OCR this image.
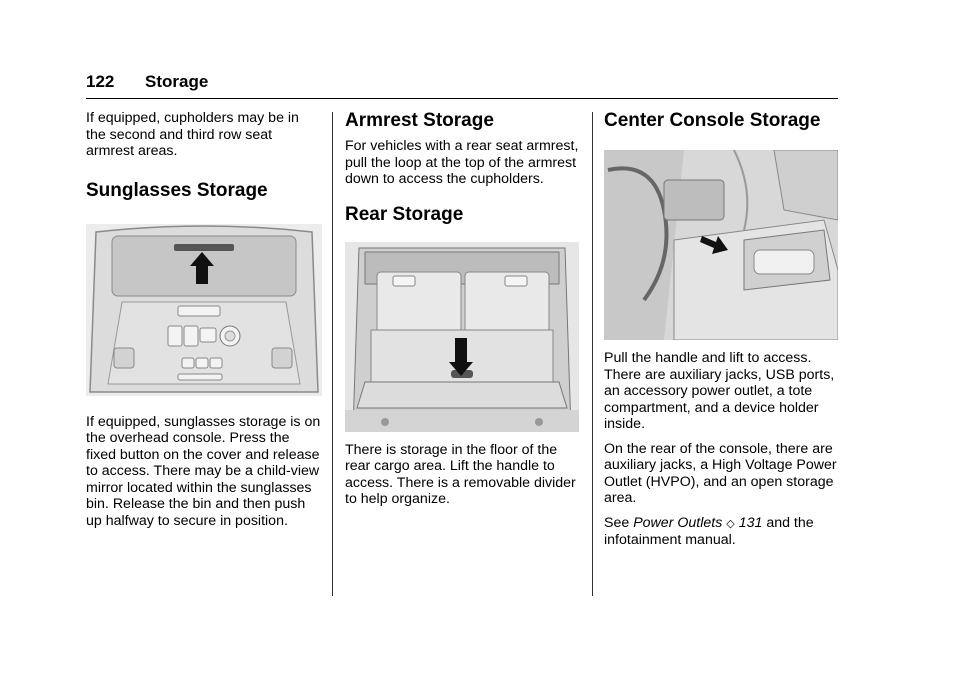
122 Storage

If equipped, cupholders may be in the second and third row seat armrest areas.

Sunglasses Storage

If equipped, sunglasses storage is on the overhead console. Press the fixed button on the cover and release to access. There may be a child-view mirror located within the sunglasses bin. Release the bin and then push up halfway to secure in position.

Armrest Storage

For vehicles with a rear seat armrest, pull the loop at the top of the armrest down to access the cupholders.

Rear Storage

There is storage in the floor of the rear cargo area. Lift the handle to access. There is a removable divider to help organize.

Center Console Storage

Pull the handle and lift to access. There are auxiliary jacks, USB ports, an accessory power outlet, a tote compartment, and a device holder inside.

On the rear of the console, there are auxiliary jacks, a High Voltage Power Outlet (HVPO), and an open storage area.

See Power Outlets ◇ 131 and the infotainment manual.
